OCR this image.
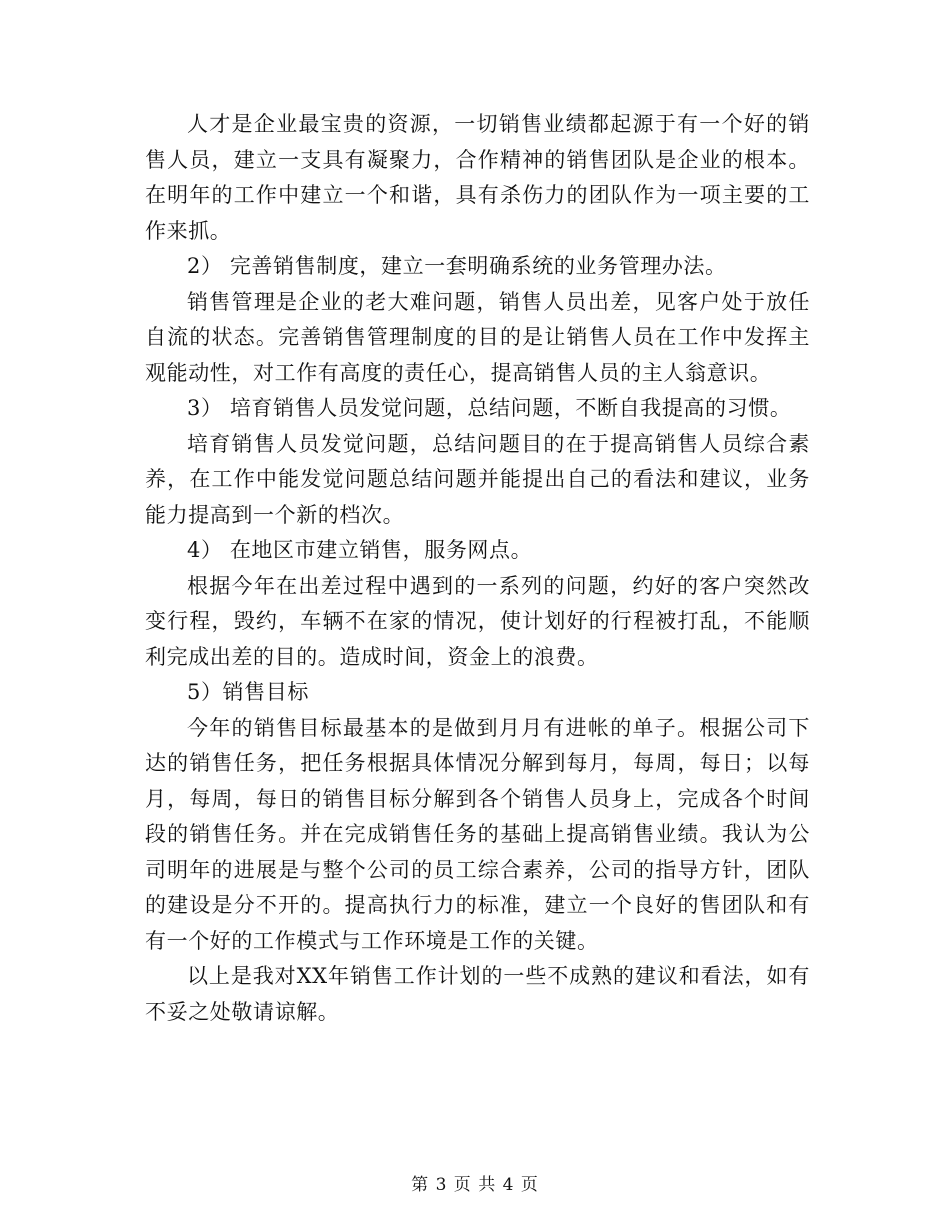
人才是企业最宝贵的资源，一切销售业绩都起源于有一个好的销售人员，建立一支具有凝聚力，合作精神的销售团队是企业的根本。在明年的工作中建立一个和谐，具有杀伤力的团队作为一项主要的工作来抓。

2） 完善销售制度，建立一套明确系统的业务管理办法。

销售管理是企业的老大难问题，销售人员出差，见客户处于放任自流的状态。完善销售管理制度的目的是让销售人员在工作中发挥主观能动性，对工作有高度的责任心，提高销售人员的主人翁意识。

3） 培育销售人员发觉问题，总结问题，不断自我提高的习惯。

培育销售人员发觉问题，总结问题目的在于提高销售人员综合素养，在工作中能发觉问题总结问题并能提出自己的看法和建议，业务能力提高到一个新的档次。

4） 在地区市建立销售，服务网点。

根据今年在出差过程中遇到的一系列的问题，约好的客户突然改变行程，毁约，车辆不在家的情况，使计划好的行程被打乱，不能顺利完成出差的目的。造成时间，资金上的浪费。

5）销售目标

今年的销售目标最基本的是做到月月有进帐的单子。根据公司下达的销售任务，把任务根据具体情况分解到每月，每周，每日；以每月，每周，每日的销售目标分解到各个销售人员身上，完成各个时间段的销售任务。并在完成销售任务的基础上提高销售业绩。我认为公司明年的进展是与整个公司的员工综合素养，公司的指导方针，团队的建设是分不开的。提高执行力的标准，建立一个良好的售团队和有有一个好的工作模式与工作环境是工作的关键。

以上是我对XX年销售工作计划的一些不成熟的建议和看法，如有不妥之处敬请谅解。

第 3 页 共 4 页
